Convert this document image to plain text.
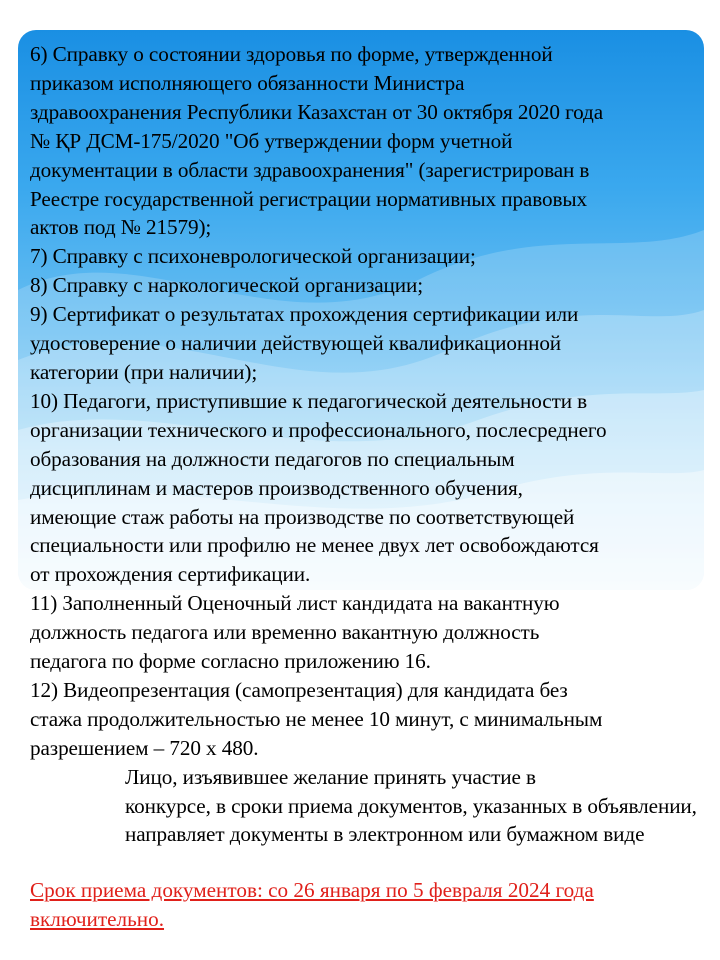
6) Справку о состоянии здоровья по форме, утвержденной
приказом исполняющего обязанности Министра
здравоохранения Республики Казахстан от 30 октября 2020 года
№ ҚР ДСМ-175/2020 "Об утверждении форм учетной
документации в области здравоохранения" (зарегистрирован в
Реестре государственной регистрации нормативных правовых
актов под № 21579);

7) Справку с психоневрологической организации;

8) Справку с наркологической организации;

9) Сертификат о результатах прохождения сертификации или
удостоверение о наличии действующей квалификационной
категории (при наличии);

10) Педагоги, приступившие к педагогической деятельности в
организации технического и профессионального, послесреднего
образования на должности педагогов по специальным
дисциплинам и мастеров производственного обучения,
имеющие стаж работы на производстве по соответствующей
специальности или профилю не менее двух лет освобождаются
от прохождения сертификации.

11) Заполненный Оценочный лист кандидата на вакантную
должность педагога или временно вакантную должность
педагога по форме согласно приложению 16.

12) Видеопрезентация (самопрезентация) для кандидата без
стажа продолжительностью не менее 10 минут, с минимальным
разрешением – 720 х 480.

Лицо, изъявившее желание принять участие в
конкурсе, в сроки приема документов, указанных в объявлении,
направляет документы в электронном или бумажном виде

Срок приема документов: со 26 января по 5 февраля 2024 года
включительно.
